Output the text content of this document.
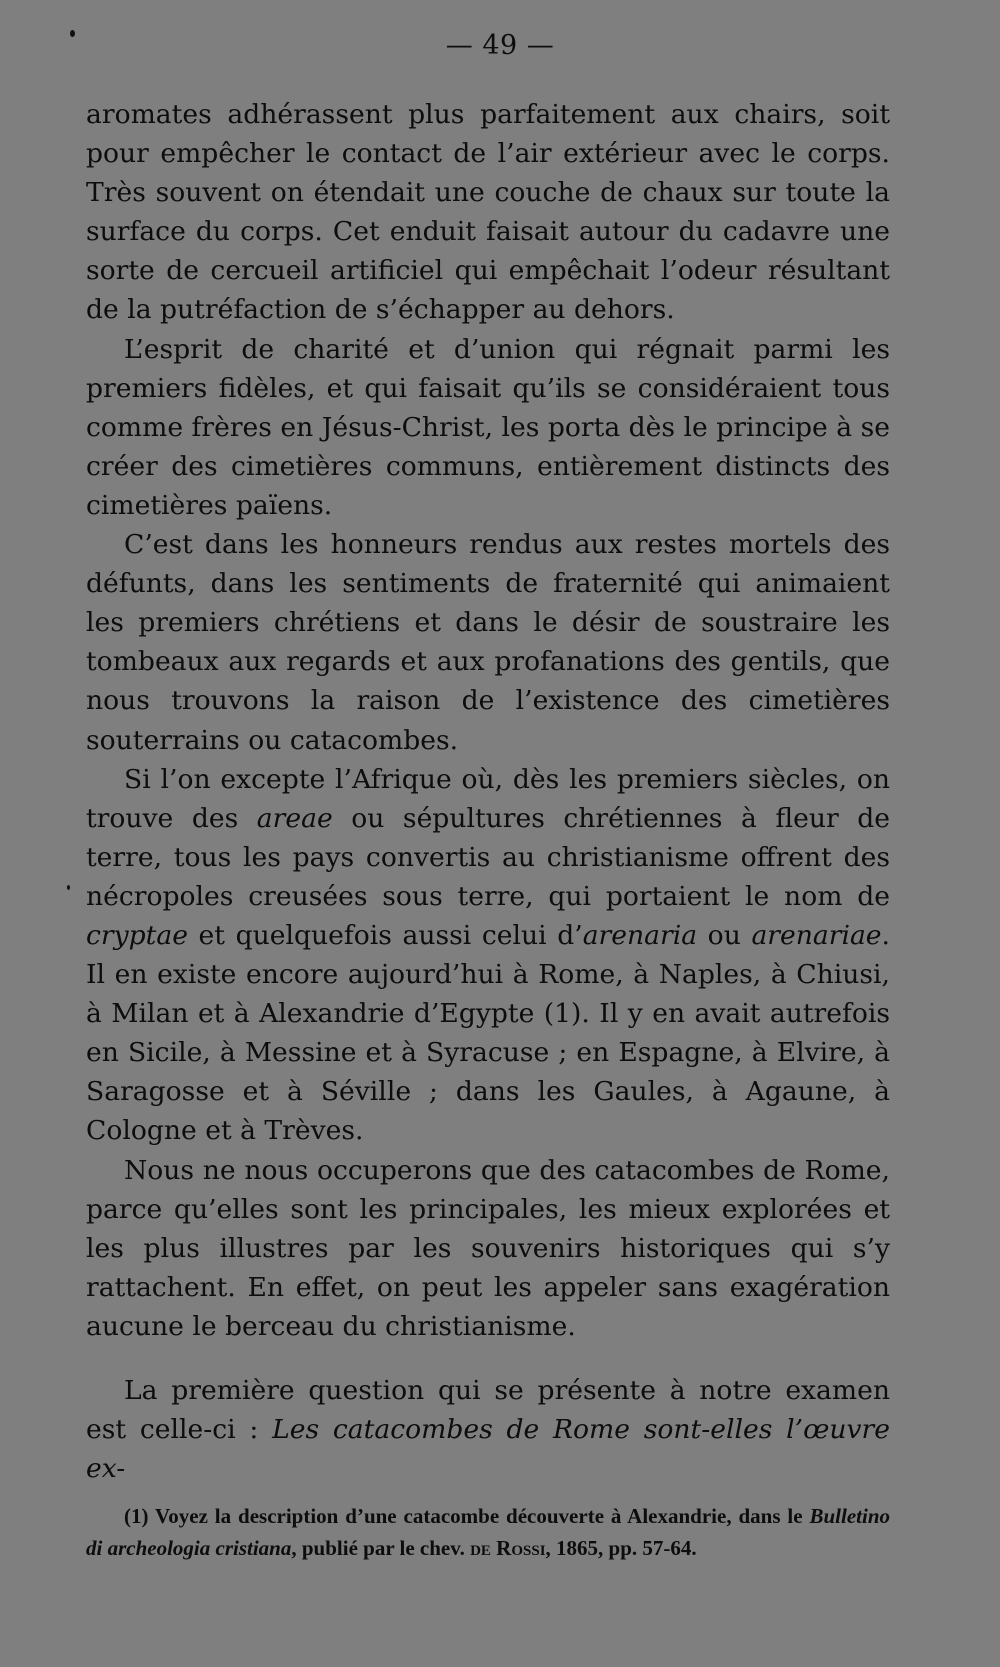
— 49 —

aromates adhérassent plus parfaitement aux chairs, soit pour empêcher le contact de l’air extérieur avec le corps. Très souvent on étendait une couche de chaux sur toute la surface du corps. Cet enduit faisait autour du cadavre une sorte de cercueil artificiel qui empêchait l’odeur résultant de la putréfaction de s’échapper au dehors.

L’esprit de charité et d’union qui régnait parmi les premiers fidèles, et qui faisait qu’ils se considéraient tous comme frères en Jésus-Christ, les porta dès le principe à se créer des cimetières communs, entièrement distincts des cimetières païens.

C’est dans les honneurs rendus aux restes mortels des défunts, dans les sentiments de fraternité qui animaient les premiers chrétiens et dans le désir de soustraire les tombeaux aux regards et aux profanations des gentils, que nous trouvons la raison de l’existence des cimetières souterrains ou catacombes.

Si l’on excepte l’Afrique où, dès les premiers siècles, on trouve des areae ou sépultures chrétiennes à fleur de terre, tous les pays convertis au christianisme offrent des nécropoles creusées sous terre, qui portaient le nom de cryptae et quelquefois aussi celui d’arenaria ou arenariae. Il en existe encore aujourd’hui à Rome, à Naples, à Chiusi, à Milan et à Alexandrie d’Egypte (1). Il y en avait autrefois en Sicile, à Messine et à Syracuse ; en Espagne, à Elvire, à Saragosse et à Séville ; dans les Gaules, à Agaune, à Cologne et à Trèves.

Nous ne nous occuperons que des catacombes de Rome, parce qu’elles sont les principales, les mieux explorées et les plus illustres par les souvenirs historiques qui s’y rattachent. En effet, on peut les appeler sans exagération aucune le berceau du christianisme.

La première question qui se présente à notre examen est celle-ci : Les catacombes de Rome sont-elles l’œuvre ex-

(1) Voyez la description d’une catacombe découverte à Alexandrie, dans le Bulletino di archeologia cristiana, publié par le chev. de Rossi, 1865, pp. 57-64.
